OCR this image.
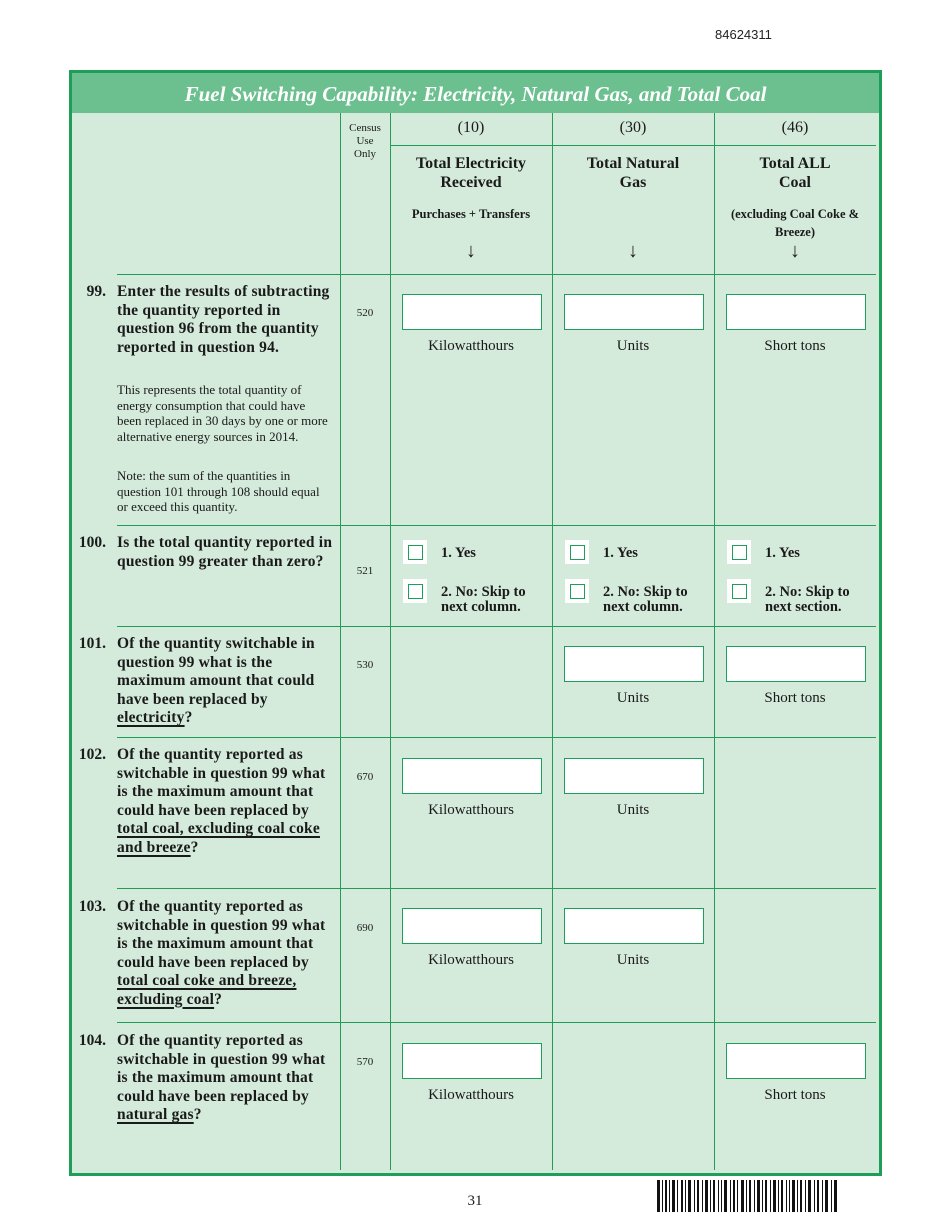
84624311
Fuel Switching Capability: Electricity, Natural Gas, and Total Coal
Census Use Only
(10)	(30)	(46)
Total Electricity Received
Total Natural Gas
Total ALL Coal
Purchases + Transfers	(excluding Coal Coke & Breeze)
↓	↓	↓
99. Enter the results of subtracting the quantity reported in question 96 from the quantity reported in question 94.
This represents the total quantity of energy consumption that could have been replaced in 30 days by one or more alternative energy sources in 2014.
Note: the sum of the quantities in question 101 through 108 should equal or exceed this quantity.
520
Kilowatthours	Units	Short tons
100. Is the total quantity reported in question 99 greater than zero?
521
1. Yes
2. No: Skip to next column.
1. Yes
2. No: Skip to next column.
1. Yes
2. No: Skip to next section.
101. Of the quantity switchable in question 99 what is the maximum amount that could have been replaced by electricity?
530
Units	Short tons
102. Of the quantity reported as switchable in question 99 what is the maximum amount that could have been replaced by total coal, excluding coal coke and breeze?
670
Kilowatthours	Units
103. Of the quantity reported as switchable in question 99 what is the maximum amount that could have been replaced by total coal coke and breeze, excluding coal?
690
Kilowatthours	Units
104. Of the quantity reported as switchable in question 99 what is the maximum amount that could have been replaced by natural gas?
570
Kilowatthours	Short tons
31
